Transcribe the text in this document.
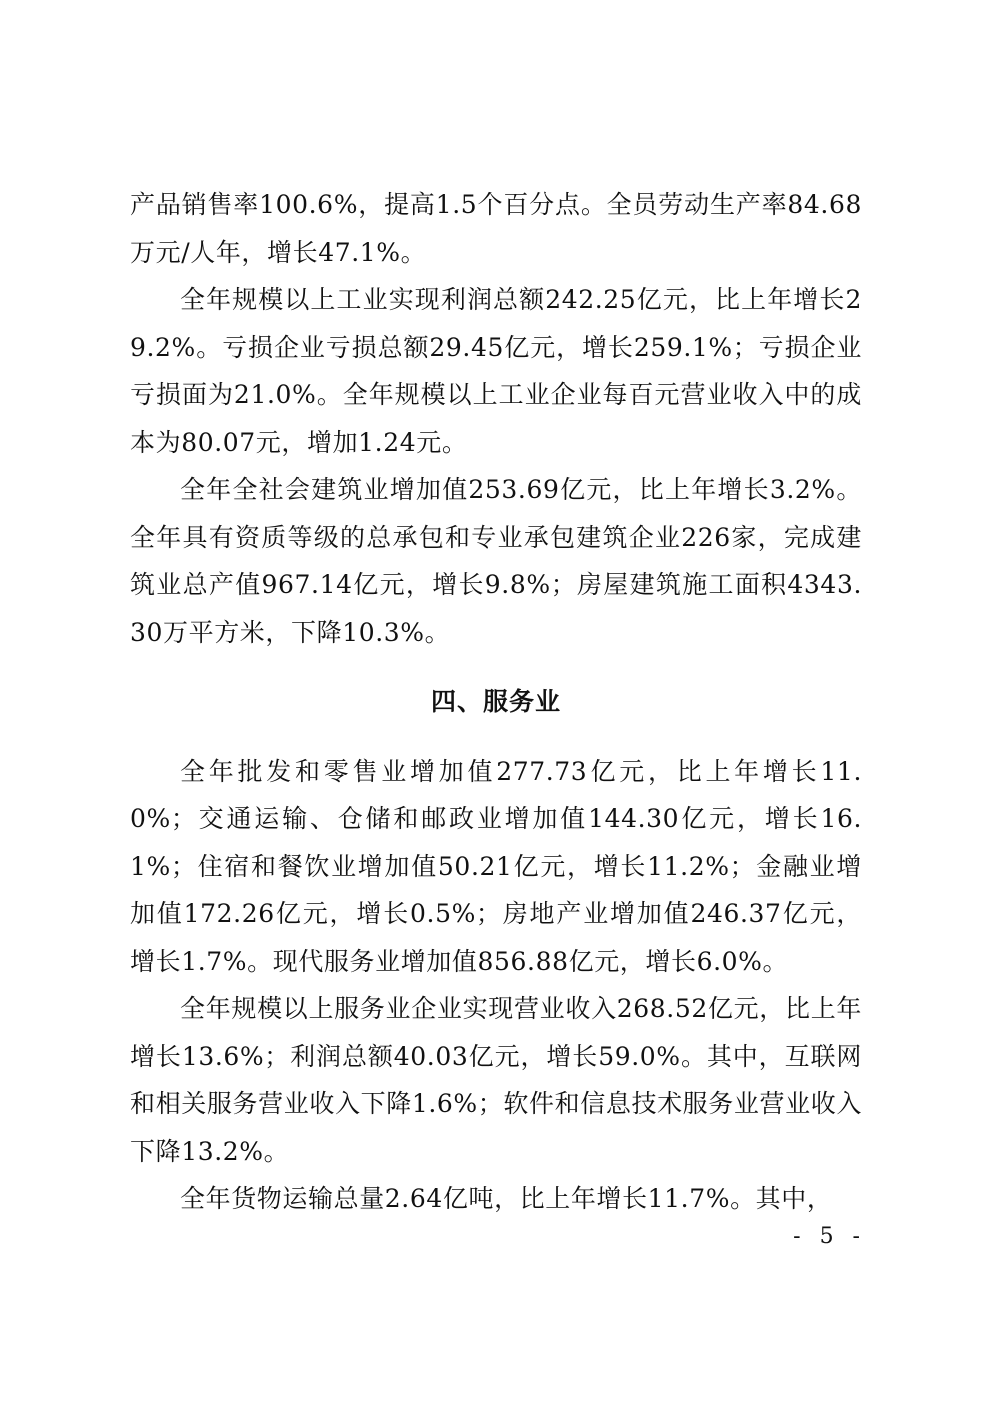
产品销售率100.6%，提高1.5个百分点。全员劳动生产率84.68万元/人年，增长47.1%。

全年规模以上工业实现利润总额242.25亿元，比上年增长29.2%。亏损企业亏损总额29.45亿元，增长259.1%；亏损企业亏损面为21.0%。全年规模以上工业企业每百元营业收入中的成本为80.07元，增加1.24元。

全年全社会建筑业增加值253.69亿元，比上年增长3.2%。全年具有资质等级的总承包和专业承包建筑企业226家，完成建筑业总产值967.14亿元，增长9.8%；房屋建筑施工面积4343.30万平方米，下降10.3%。

四、服务业

全年批发和零售业增加值277.73亿元，比上年增长11.0%；交通运输、仓储和邮政业增加值144.30亿元，增长16.1%；住宿和餐饮业增加值50.21亿元，增长11.2%；金融业增加值172.26亿元，增长0.5%；房地产业增加值246.37亿元，增长1.7%。现代服务业增加值856.88亿元，增长6.0%。

全年规模以上服务业企业实现营业收入268.52亿元，比上年增长13.6%；利润总额40.03亿元，增长59.0%。其中，互联网和相关服务营业收入下降1.6%；软件和信息技术服务业营业收入下降13.2%。

全年货物运输总量2.64亿吨，比上年增长11.7%。其中，

- 5 -
